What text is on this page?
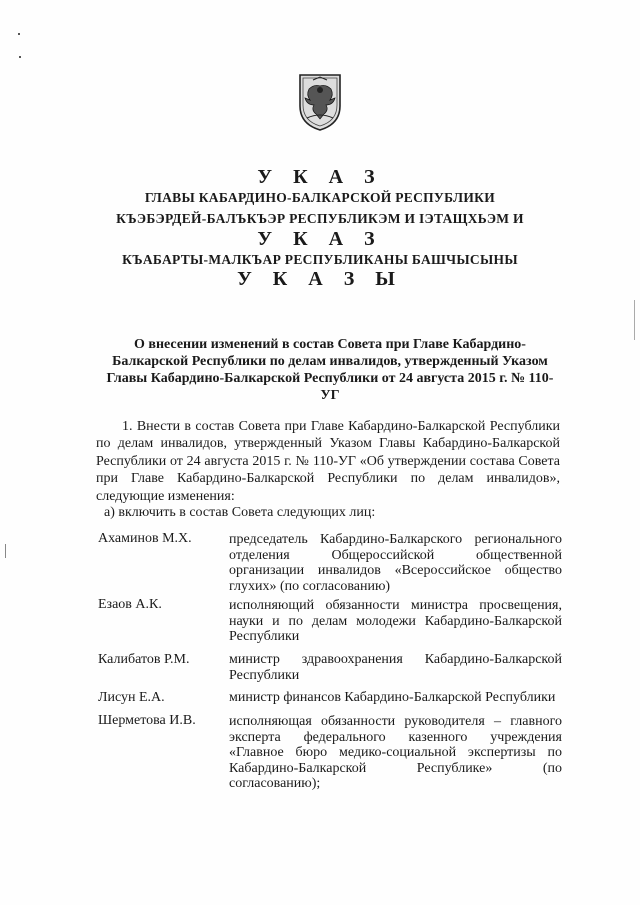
У К А З
ГЛАВЫ КАБАРДИНО-БАЛКАРСКОЙ РЕСПУБЛИКИ
КЪЭБЭРДЕЙ-БАЛЪКЪЭР РЕСПУБЛИКЭМ И ІЭТАЩХЬЭМ И
У К А З
КЪАБАРТЫ-МАЛКЪАР РЕСПУБЛИКАНЫ БАШЧЫСЫНЫ
У К А З Ы
О внесении изменений в состав Совета при Главе Кабардино-Балкарской Республики по делам инвалидов, утвержденный Указом Главы Кабардино-Балкарской Республики от 24 августа 2015 г. № 110-УГ
1. Внести в состав Совета при Главе Кабардино-Балкарской Республики по делам инвалидов, утвержденный Указом Главы Кабардино-Балкарской Республики от 24 августа 2015 г. № 110-УГ «Об утверждении состава Совета при Главе Кабардино-Балкарской Республики по делам инвалидов», следующие изменения:
а) включить в состав Совета следующих лиц:
Ахаминов М.Х.	председатель Кабардино-Балкарского регионального отделения Общероссийской общественной организации инвалидов «Всероссийское общество глухих» (по согласованию)
Езаов А.К.	исполняющий обязанности министра просвещения, науки и по делам молодежи Кабардино-Балкарской Республики
Калибатов Р.М.	министр здравоохранения Кабардино-Балкарской Республики
Лисун Е.А.	министр финансов Кабардино-Балкарской Республики
Шерметова И.В. исполняющая обязанности руководителя – главного эксперта федерального казенного учреждения «Главное бюро медико-социальной экспертизы по Кабардино-Балкарской Республике» (по согласованию);
